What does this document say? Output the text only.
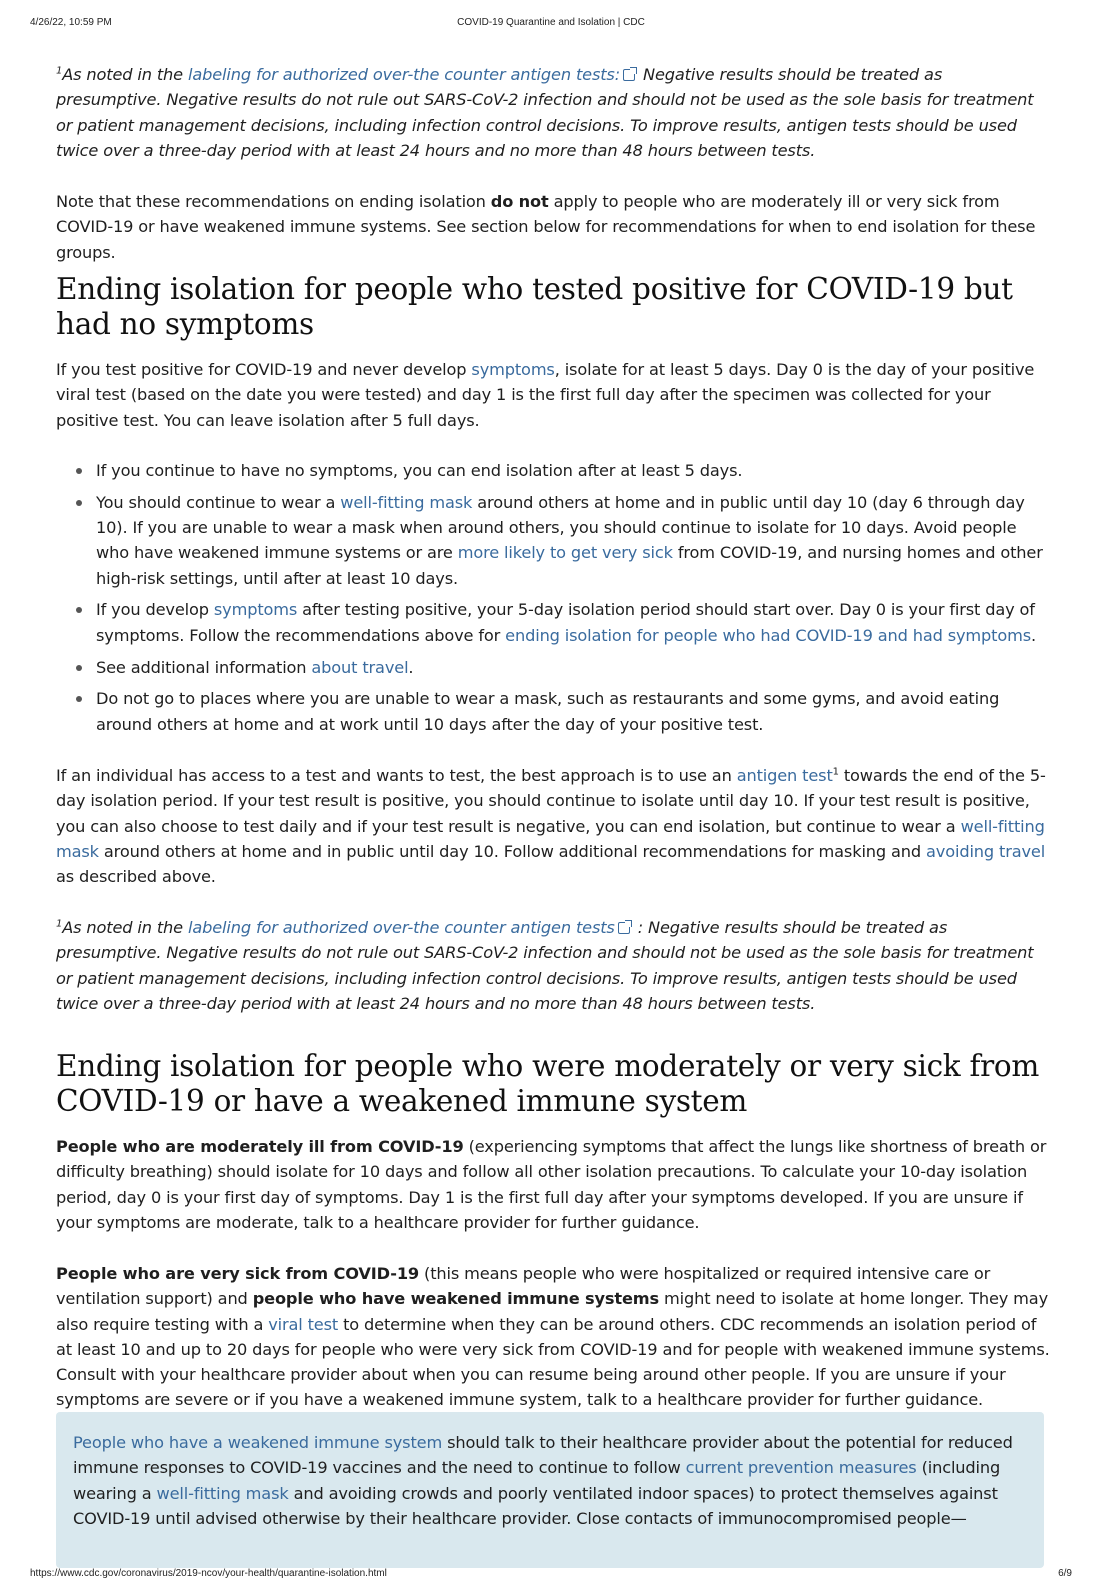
4/26/22, 10:59 PM	COVID-19 Quarantine and Isolation | CDC

$^1$As noted in the labeling for authorized over-the counter antigen tests: Negative results should be treated as presumptive. Negative results do not rule out SARS-CoV-2 infection and should not be used as the sole basis for treatment or patient management decisions, including infection control decisions. To improve results, antigen tests should be used twice over a three-day period with at least 24 hours and no more than 48 hours between tests.

Note that these recommendations on ending isolation do not apply to people who are moderately ill or very sick from COVID-19 or have weakened immune systems. See section below for recommendations for when to end isolation for these groups.

Ending isolation for people who tested positive for COVID-19 but had no symptoms

If you test positive for COVID-19 and never develop symptoms, isolate for at least 5 days. Day 0 is the day of your positive viral test (based on the date you were tested) and day 1 is the first full day after the specimen was collected for your positive test. You can leave isolation after 5 full days.

If you continue to have no symptoms, you can end isolation after at least 5 days.
You should continue to wear a well-fitting mask around others at home and in public until day 10 (day 6 through day 10). If you are unable to wear a mask when around others, you should continue to isolate for 10 days. Avoid people who have weakened immune systems or are more likely to get very sick from COVID-19, and nursing homes and other high-risk settings, until after at least 10 days.
If you develop symptoms after testing positive, your 5-day isolation period should start over. Day 0 is your first day of symptoms. Follow the recommendations above for ending isolation for people who had COVID-19 and had symptoms.
See additional information about travel.
Do not go to places where you are unable to wear a mask, such as restaurants and some gyms, and avoid eating around others at home and at work until 10 days after the day of your positive test.

If an individual has access to a test and wants to test, the best approach is to use an antigen test$^1$ towards the end of the 5-day isolation period. If your test result is positive, you should continue to isolate until day 10. If your test result is positive, you can also choose to test daily and if your test result is negative, you can end isolation, but continue to wear a well-fitting mask around others at home and in public until day 10. Follow additional recommendations for masking and avoiding travel as described above.

$^1$As noted in the labeling for authorized over-the counter antigen tests : Negative results should be treated as presumptive. Negative results do not rule out SARS-CoV-2 infection and should not be used as the sole basis for treatment or patient management decisions, including infection control decisions. To improve results, antigen tests should be used twice over a three-day period with at least 24 hours and no more than 48 hours between tests.

Ending isolation for people who were moderately or very sick from COVID-19 or have a weakened immune system

People who are moderately ill from COVID-19 (experiencing symptoms that affect the lungs like shortness of breath or difficulty breathing) should isolate for 10 days and follow all other isolation precautions. To calculate your 10-day isolation period, day 0 is your first day of symptoms. Day 1 is the first full day after your symptoms developed. If you are unsure if your symptoms are moderate, talk to a healthcare provider for further guidance.

People who are very sick from COVID-19 (this means people who were hospitalized or required intensive care or ventilation support) and people who have weakened immune systems might need to isolate at home longer. They may also require testing with a viral test to determine when they can be around others. CDC recommends an isolation period of at least 10 and up to 20 days for people who were very sick from COVID-19 and for people with weakened immune systems. Consult with your healthcare provider about when you can resume being around other people. If you are unsure if your symptoms are severe or if you have a weakened immune system, talk to a healthcare provider for further guidance.

People who have a weakened immune system should talk to their healthcare provider about the potential for reduced immune responses to COVID-19 vaccines and the need to continue to follow current prevention measures (including wearing a well-fitting mask and avoiding crowds and poorly ventilated indoor spaces) to protect themselves against COVID-19 until advised otherwise by their healthcare provider. Close contacts of immunocompromised people—

https://www.cdc.gov/coronavirus/2019-ncov/your-health/quarantine-isolation.html	6/9
